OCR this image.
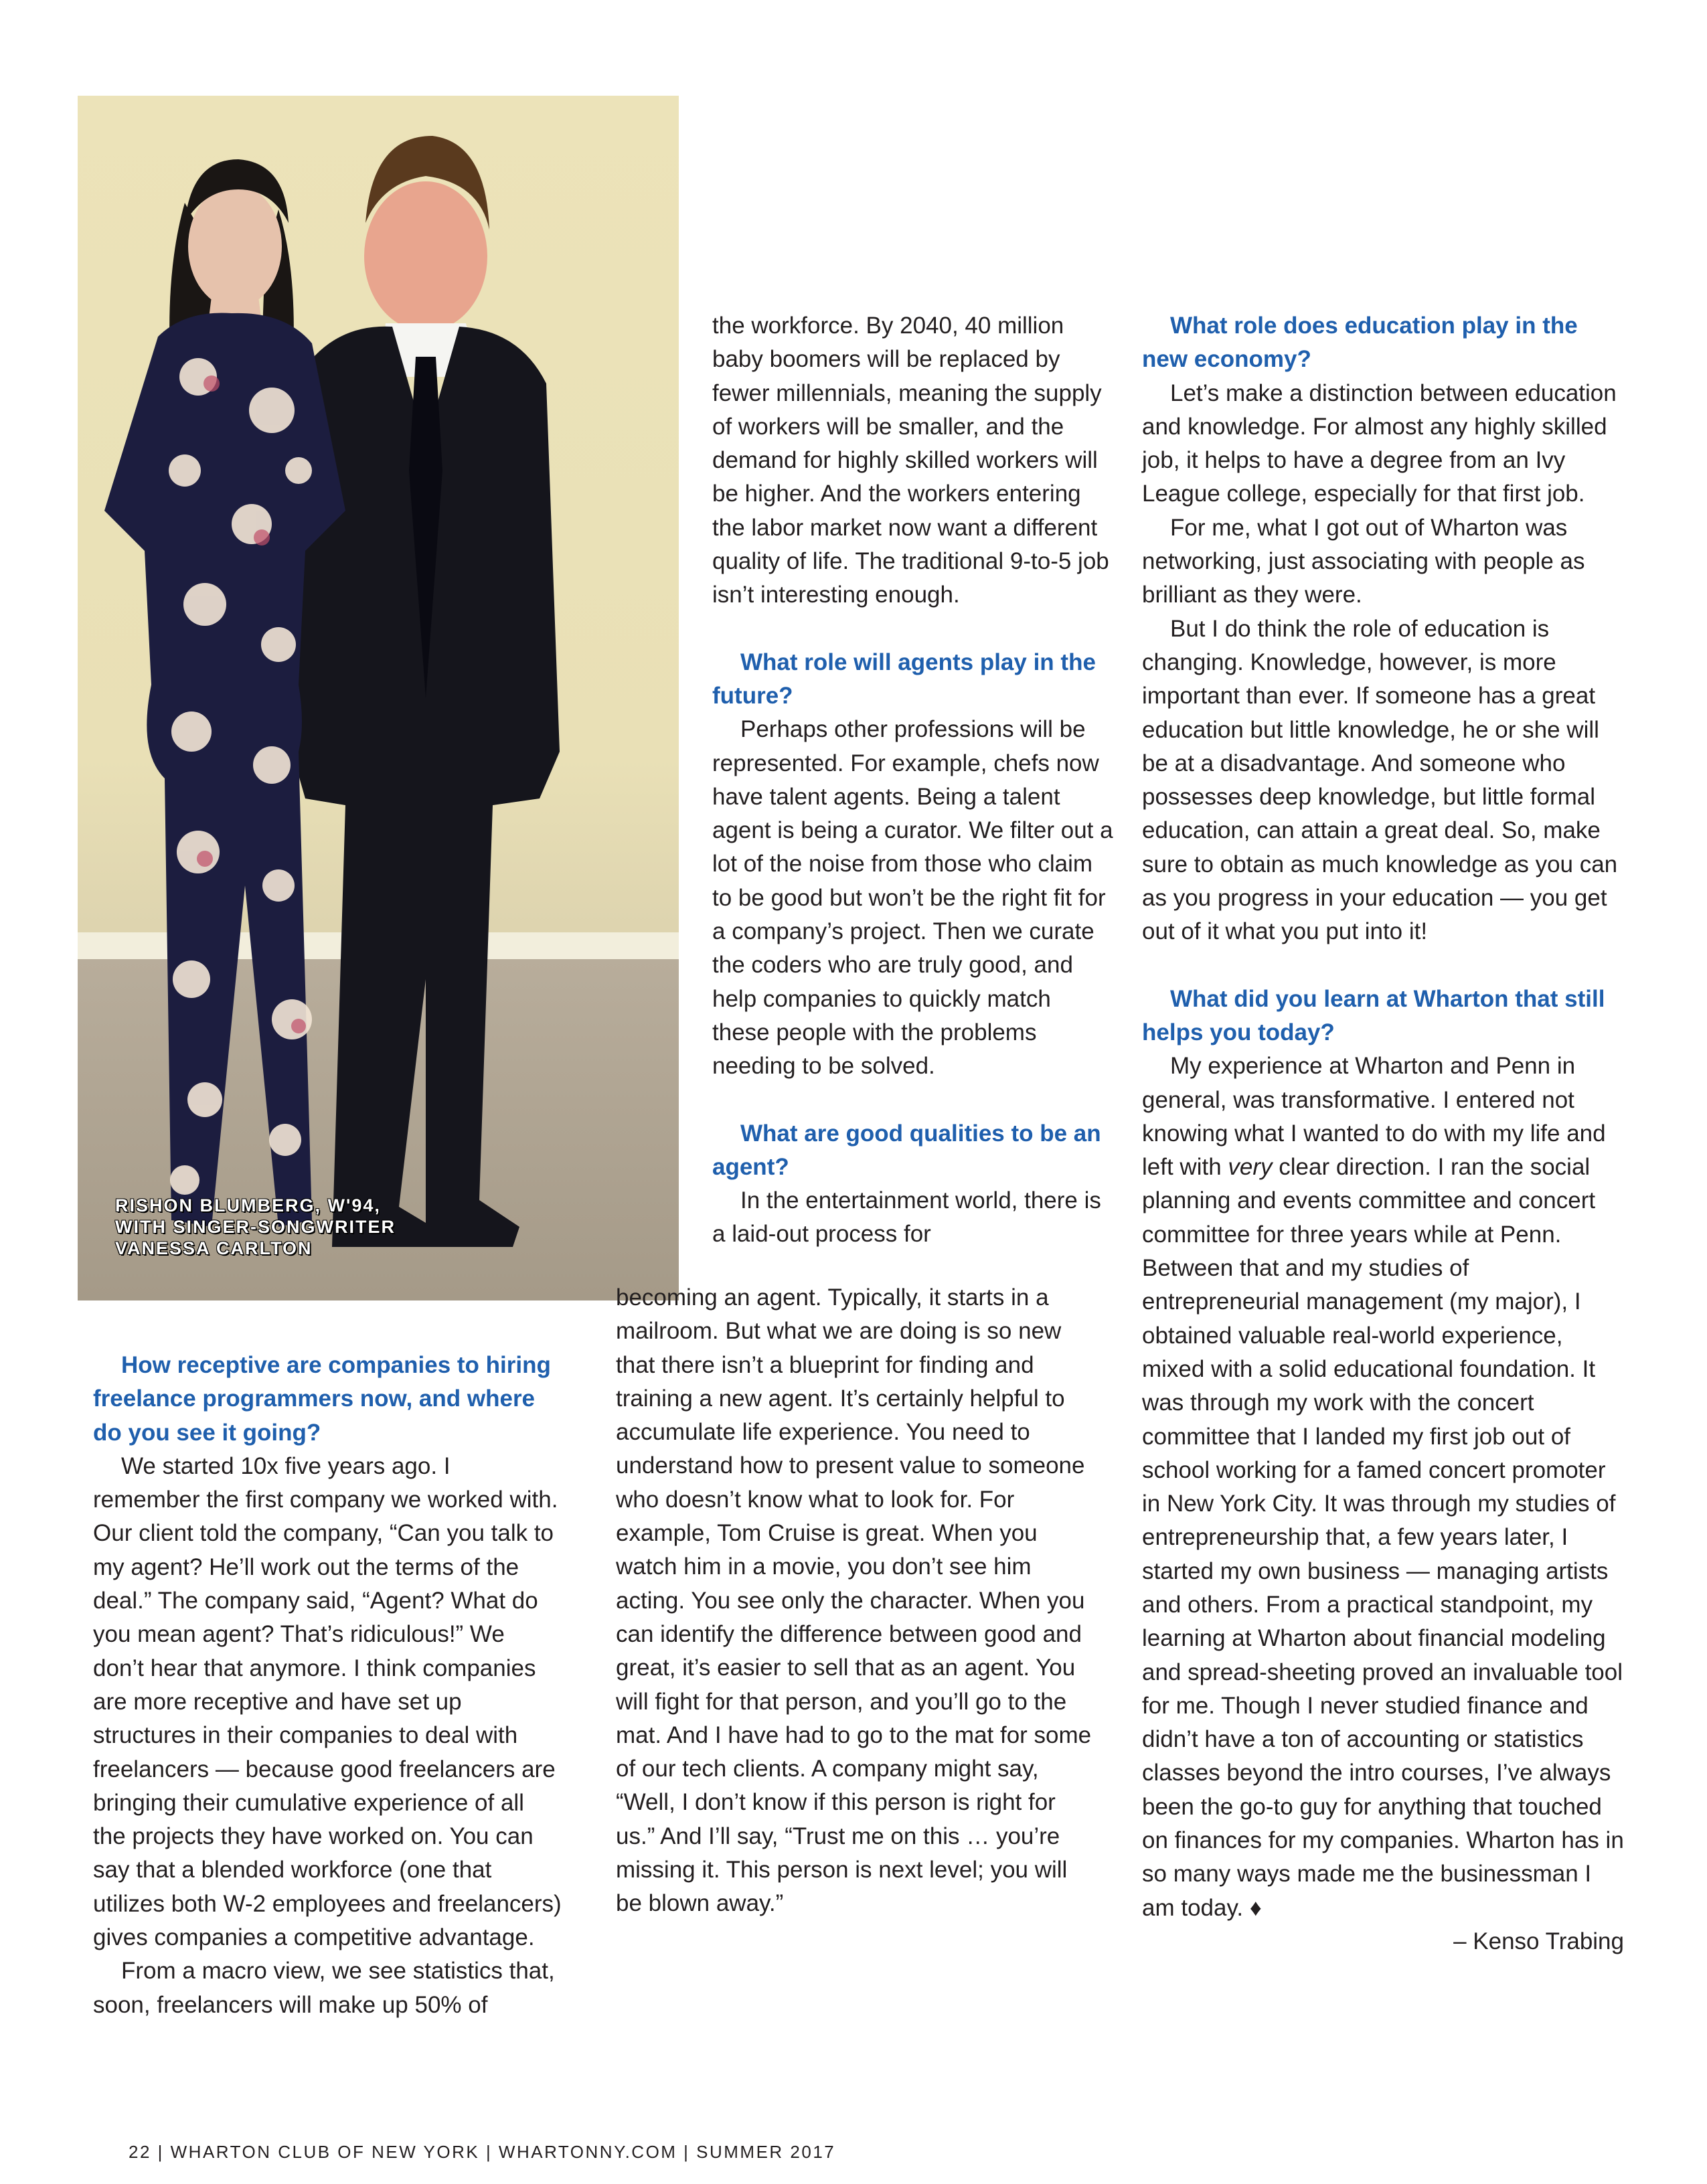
RISHON BLUMBERG, W'94,
WITH SINGER-SONGWRITER
VANESSA CARLTON

How receptive are companies to hiring freelance programmers now, and where do you see it going?

We started 10x five years ago. I remember the first company we worked with. Our client told the company, “Can you talk to my agent? He’ll work out the terms of the deal.” The company said, “Agent? What do you mean agent? That’s ridiculous!” We don’t hear that anymore. I think companies are more receptive and have set up structures in their companies to deal with freelancers — because good freelancers are bringing their cumulative experience of all the projects they have worked on. You can say that a blended workforce (one that utilizes both W-2 employees and freelancers) gives companies a competitive advantage.

From a macro view, we see statistics that, soon, freelancers will make up 50% of

the workforce. By 2040, 40 million baby boomers will be replaced by fewer millennials, meaning the supply of workers will be smaller, and the demand for highly skilled workers will be higher. And the workers entering the labor market now want a different quality of life. The traditional 9-to-5 job isn’t interesting enough.

What role will agents play in the future?

Perhaps other professions will be represented. For example, chefs now have talent agents. Being a talent agent is being a curator. We filter out a lot of the noise from those who claim to be good but won’t be the right fit for a company’s project. Then we curate the coders who are truly good, and help companies to quickly match these people with the problems needing to be solved.

What are good qualities to be an agent?

In the entertainment world, there is a laid-out process for

becoming an agent. Typically, it starts in a mailroom. But what we are doing is so new that there isn’t a blueprint for finding and training a new agent. It’s certainly helpful to accumulate life experience. You need to understand how to present value to someone who doesn’t know what to look for. For example, Tom Cruise is great. When you watch him in a movie, you don’t see him acting. You see only the character. When you can identify the difference between good and great, it’s easier to sell that as an agent. You will fight for that person, and you’ll go to the mat. And I have had to go to the mat for some of our tech clients. A company might say, “Well, I don’t know if this person is right for us.” And I’ll say, “Trust me on this … you’re missing it. This person is next level; you will be blown away.”

What role does education play in the new economy?

Let’s make a distinction between education and knowledge. For almost any highly skilled job, it helps to have a degree from an Ivy League college, especially for that first job.

For me, what I got out of Wharton was networking, just associating with people as brilliant as they were.

But I do think the role of education is changing. Knowledge, however, is more important than ever. If someone has a great education but little knowledge, he or she will be at a disadvantage. And someone who possesses deep knowledge, but little formal education, can attain a great deal. So, make sure to obtain as much knowledge as you can as you progress in your education — you get out of it what you put into it!

What did you learn at Wharton that still helps you today?

My experience at Wharton and Penn in general, was transformative. I entered not knowing what I wanted to do with my life and left with very clear direction. I ran the social planning and events committee and concert committee for three years while at Penn. Between that and my studies of entrepreneurial management (my major), I obtained valuable real-world experience, mixed with a solid educational foundation. It was through my work with the concert committee that I landed my first job out of school working for a famed concert promoter in New York City. It was through my studies of entrepreneurship that, a few years later, I started my own business — managing artists and others. From a practical standpoint, my learning at Wharton about financial modeling and spread-sheeting proved an invaluable tool for me. Though I never studied finance and didn’t have a ton of accounting or statistics classes beyond the intro courses, I’ve always been the go-to guy for anything that touched on finances for my companies. Wharton has in so many ways made me the businessman I am today. ♦

– Kenso Trabing

22 | WHARTON CLUB OF NEW YORK | WHARTONNY.COM | SUMMER 2017
